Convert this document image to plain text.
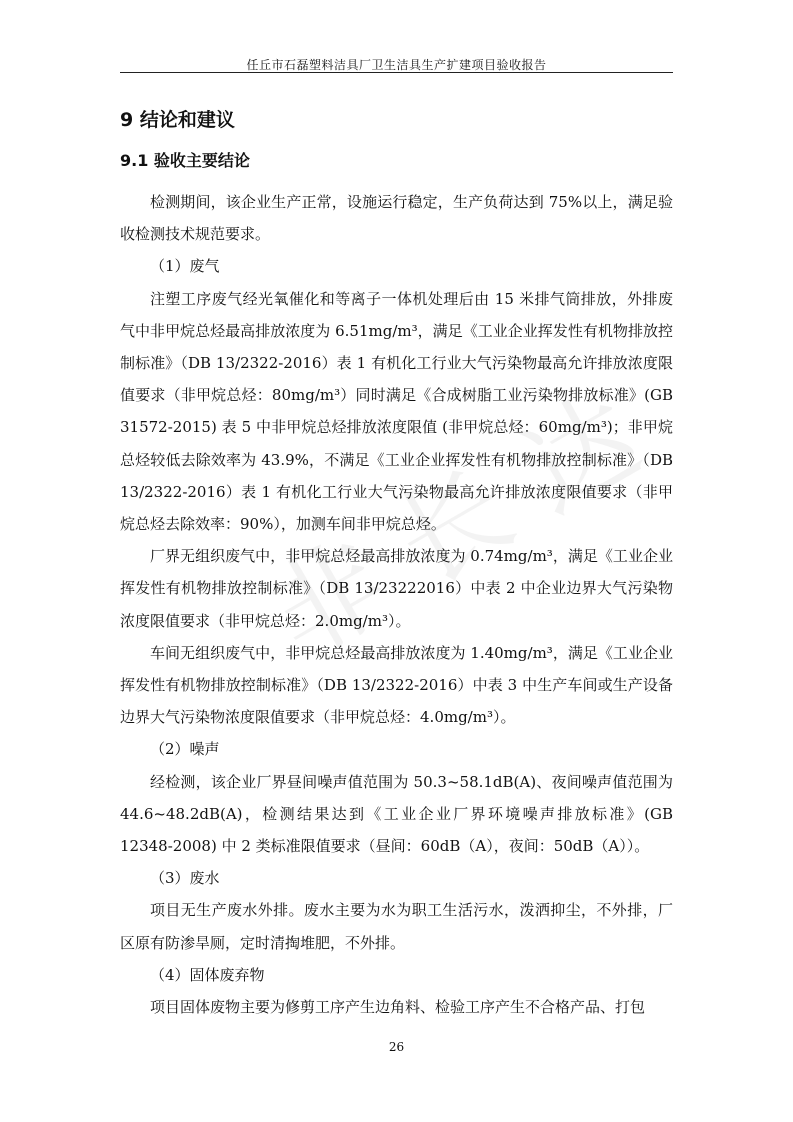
任丘市石磊塑料洁具厂卫生洁具生产扩建项目验收报告
9 结论和建议
9.1 验收主要结论

检测期间，该企业生产正常，设施运行稳定，生产负荷达到 75%以上，满足验收检测技术规范要求。

（1）废气

注塑工序废气经光氧催化和等离子一体机处理后由 15 米排气筒排放，外排废气中非甲烷总烃最高排放浓度为 6.51mg/m³，满足《工业企业挥发性有机物排放控制标准》（DB 13/2322-2016）表 1 有机化工行业大气污染物最高允许排放浓度限值要求（非甲烷总烃：80mg/m³）同时满足《合成树脂工业污染物排放标准》(GB 31572-2015) 表 5 中非甲烷总烃排放浓度限值 (非甲烷总烃：60mg/m³)；非甲烷总烃较低去除效率为 43.9%，不满足《工业企业挥发性有机物排放控制标准》（DB 13/2322-2016）表 1 有机化工行业大气污染物最高允许排放浓度限值要求（非甲烷总烃去除效率：90%），加测车间非甲烷总烃。

厂界无组织废气中，非甲烷总烃最高排放浓度为 0.74mg/m³，满足《工业企业挥发性有机物排放控制标准》（DB 13/23222016）中表 2 中企业边界大气污染物浓度限值要求（非甲烷总烃：2.0mg/m³）。

车间无组织废气中，非甲烷总烃最高排放浓度为 1.40mg/m³，满足《工业企业挥发性有机物排放控制标准》（DB 13/2322-2016）中表 3 中生产车间或生产设备边界大气污染物浓度限值要求（非甲烷总烃：4.0mg/m³）。

（2）噪声

经检测，该企业厂界昼间噪声值范围为 50.3~58.1dB(A)、夜间噪声值范围为 44.6~48.2dB(A)，检测结果达到《工业企业厂界环境噪声排放标准》(GB 12348-2008) 中 2 类标准限值要求（昼间：60dB（A），夜间：50dB（A））。

（3）废水

项目无生产废水外排。废水主要为水为职工生活污水，泼洒抑尘，不外排，厂区原有防渗旱厕，定时清掏堆肥，不外排。

（4）固体废弃物

项目固体废物主要为修剪工序产生边角料、检验工序产生不合格产品、打包

26
